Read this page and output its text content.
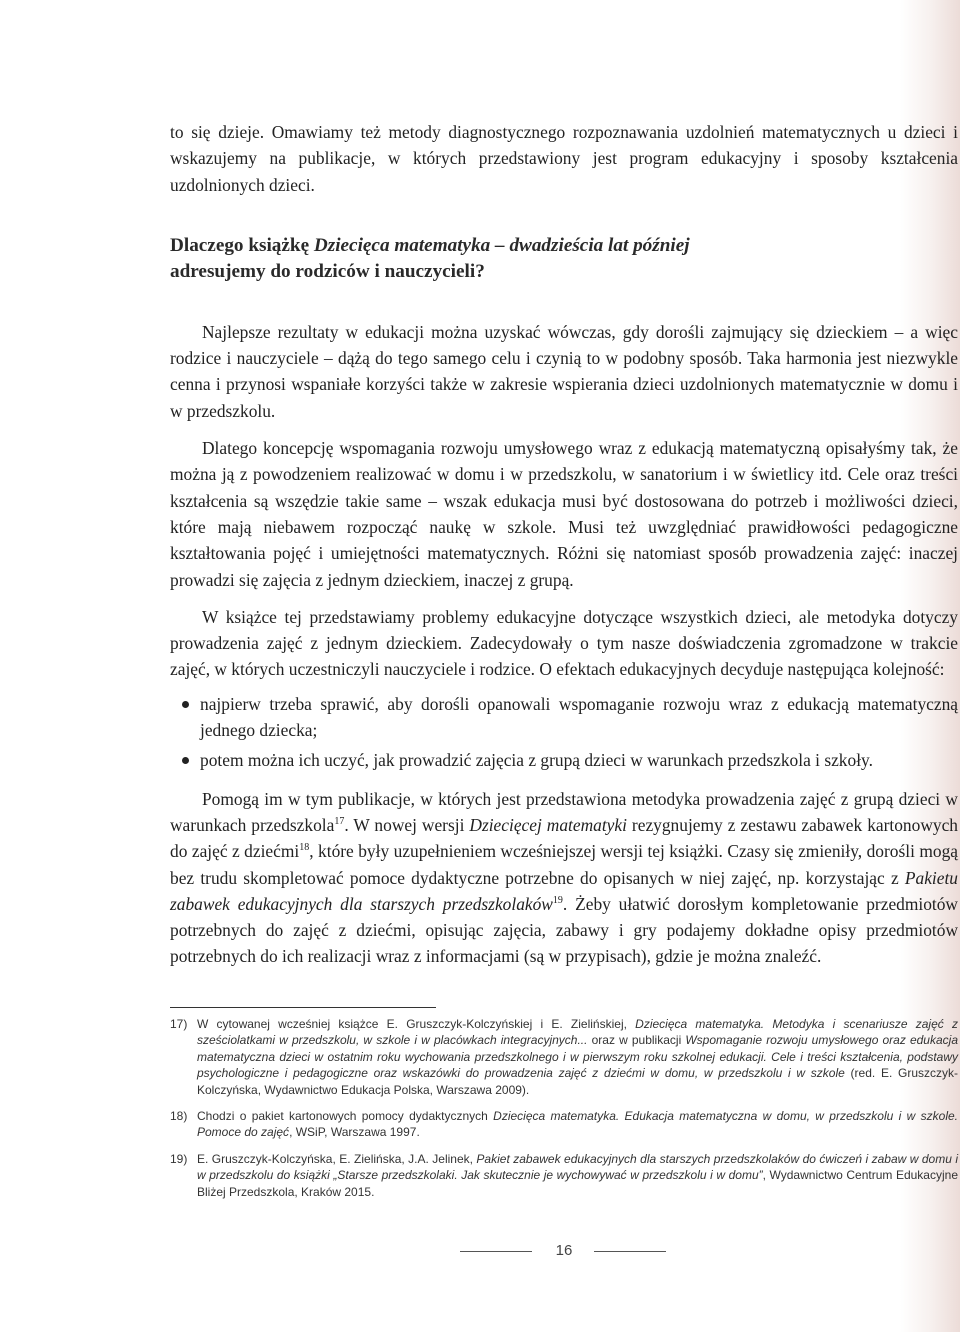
to się dzieje. Omawiamy też metody diagnostycznego rozpoznawania uzdolnień matematycznych u dzieci i wskazujemy na publikacje, w których przedstawiony jest program edukacyjny i sposoby kształcenia uzdolnionych dzieci.

Dlaczego książkę Dziecięca matematyka – dwadzieścia lat później
adresujemy do rodziców i nauczycieli?

Najlepsze rezultaty w edukacji można uzyskać wówczas, gdy dorośli zajmujący się dzieckiem – a więc rodzice i nauczyciele – dążą do tego samego celu i czynią to w podobny sposób. Taka harmonia jest niezwykle cenna i przynosi wspaniałe korzyści także w zakresie wspierania dzieci uzdolnionych matematycznie w domu i w przedszkolu.

Dlatego koncepcję wspomagania rozwoju umysłowego wraz z edukacją matematyczną opisałyśmy tak, że można ją z powodzeniem realizować w domu i w przedszkolu, w sanatorium i w świetlicy itd. Cele oraz treści kształcenia są wszędzie takie same – wszak edukacja musi być dostosowana do potrzeb i możliwości dzieci, które mają niebawem rozpocząć naukę w szkole. Musi też uwzględniać prawidłowości pedagogiczne kształtowania pojęć i umiejętności matematycznych. Różni się natomiast sposób prowadzenia zajęć: inaczej prowadzi się zajęcia z jednym dzieckiem, inaczej z grupą.

W książce tej przedstawiamy problemy edukacyjne dotyczące wszystkich dzieci, ale metodyka dotyczy prowadzenia zajęć z jednym dzieckiem. Zadecydowały o tym nasze doświadczenia zgromadzone w trakcie zajęć, w których uczestniczyli nauczyciele i rodzice. O efektach edukacyjnych decyduje następująca kolejność:

najpierw trzeba sprawić, aby dorośli opanowali wspomaganie rozwoju wraz z edukacją matematyczną jednego dziecka;
potem można ich uczyć, jak prowadzić zajęcia z grupą dzieci w warunkach przedszkola i szkoły.

Pomogą im w tym publikacje, w których jest przedstawiona metodyka prowadzenia zajęć z grupą dzieci w warunkach przedszkola$^{17}$. W nowej wersji Dziecięcej matematyki rezygnujemy z zestawu zabawek kartonowych do zajęć z dziećmi$^{18}$, które były uzupełnieniem wcześniejszej wersji tej książki. Czasy się zmieniły, dorośli mogą bez trudu skompletować pomoce dydaktyczne potrzebne do opisanych w niej zajęć, np. korzystając z Pakietu zabawek edukacyjnych dla starszych przedszkolaków$^{19}$. Żeby ułatwić dorosłym kompletowanie przedmiotów potrzebnych do zajęć z dziećmi, opisując zajęcia, zabawy i gry podajemy dokładne opisy przedmiotów potrzebnych do ich realizacji wraz z informacjami (są w przypisach), gdzie je można znaleźć.

17) W cytowanej wcześniej książce E. Gruszczyk-Kolczyńskiej i E. Zielińskiej, Dziecięca matematyka. Metodyka i scenariusze zajęć z sześciolatkami w przedszkolu, w szkole i w placówkach integracyjnych... oraz w publikacji Wspomaganie rozwoju umysłowego oraz edukacja matematyczna dzieci w ostatnim roku wychowania przedszkolnego i w pierwszym roku szkolnej edukacji. Cele i treści kształcenia, podstawy psychologiczne i pedagogiczne oraz wskazówki do prowadzenia zajęć z dziećmi w domu, w przedszkolu i w szkole (red. E. Gruszczyk-Kolczyńska, Wydawnictwo Edukacja Polska, Warszawa 2009).
18) Chodzi o pakiet kartonowych pomocy dydaktycznych Dziecięca matematyka. Edukacja matematyczna w domu, w przedszkolu i w szkole. Pomoce do zajęć, WSiP, Warszawa 1997.
19) E. Gruszczyk-Kolczyńska, E. Zielińska, J.A. Jelinek, Pakiet zabawek edukacyjnych dla starszych przedszkolaków do ćwiczeń i zabaw w domu i w przedszkolu do książki „Starsze przedszkolaki. Jak skutecznie je wychowywać w przedszkolu i w domu”, Wydawnictwo Centrum Edukacyjne Bliżej Przedszkola, Kraków 2015.
16
